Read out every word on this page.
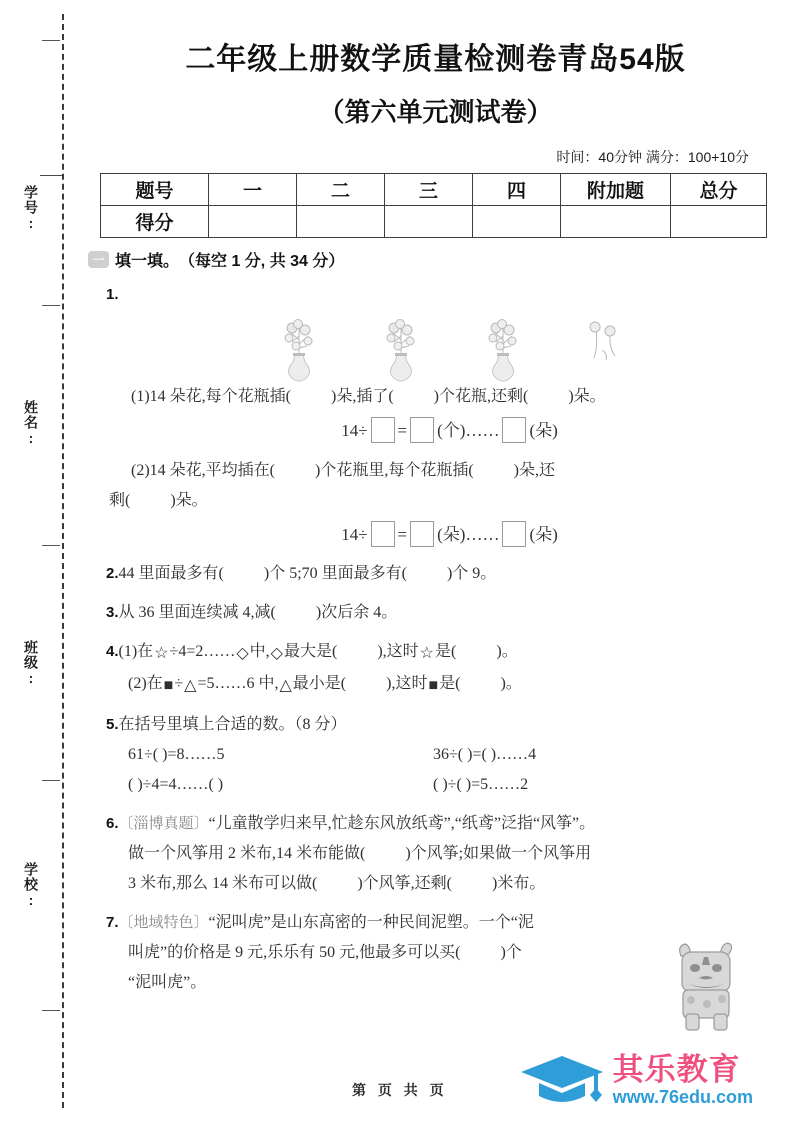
学号:
姓名:
班级:
学校:
二年级上册数学质量检测卷青岛54版
（第六单元测试卷）
时间：40分钟 满分：100+10分
题号	一	二	三	四	附加题	总分
得分						
一 填一填。 （每空 1 分, 共 34 分）
1.
(1)14 朵花,每个花瓶插(	)朵,插了(	)个花瓶,还剩(	)朵。
14÷ = (个)…… (朵)
(2)14 朵花,平均插在(	)个花瓶里,每个花瓶插(	)朵,还
剩(	)朵。
14÷ = (朵)…… (朵)
2.44 里面最多有(	)个 5;70 里面最多有(	)个 9。
3.从 36 里面连续减 4,减(	)次后余 4。
4.(1)在☆÷4=2……◇中,◇最大是(	),这时☆是(	)。
(2)在■÷△=5……6 中,△最小是(	),这时■是(	)。
5.在括号里填上合适的数。（8 分）
61÷( )=8……5	36÷( )=( )……4
( )÷4=4……( )	( )÷( )=5……2
6.〔淄博真题〕“儿童散学归来早,忙趁东风放纸鸢”,“纸鸢”泛指“风筝”。
做一个风筝用 2 米布,14 米布能做(	)个风筝;如果做一个风筝用
3 米布,那么 14 米布可以做(	)个风筝,还剩(	)米布。
7.〔地域特色〕“泥叫虎”是山东高密的一种民间泥塑。一个“泥
叫虎”的价格是 9 元,乐乐有 50 元,他最多可以买(	)个
“泥叫虎”。
第 页 共 页
其乐教育
www.76edu.com
